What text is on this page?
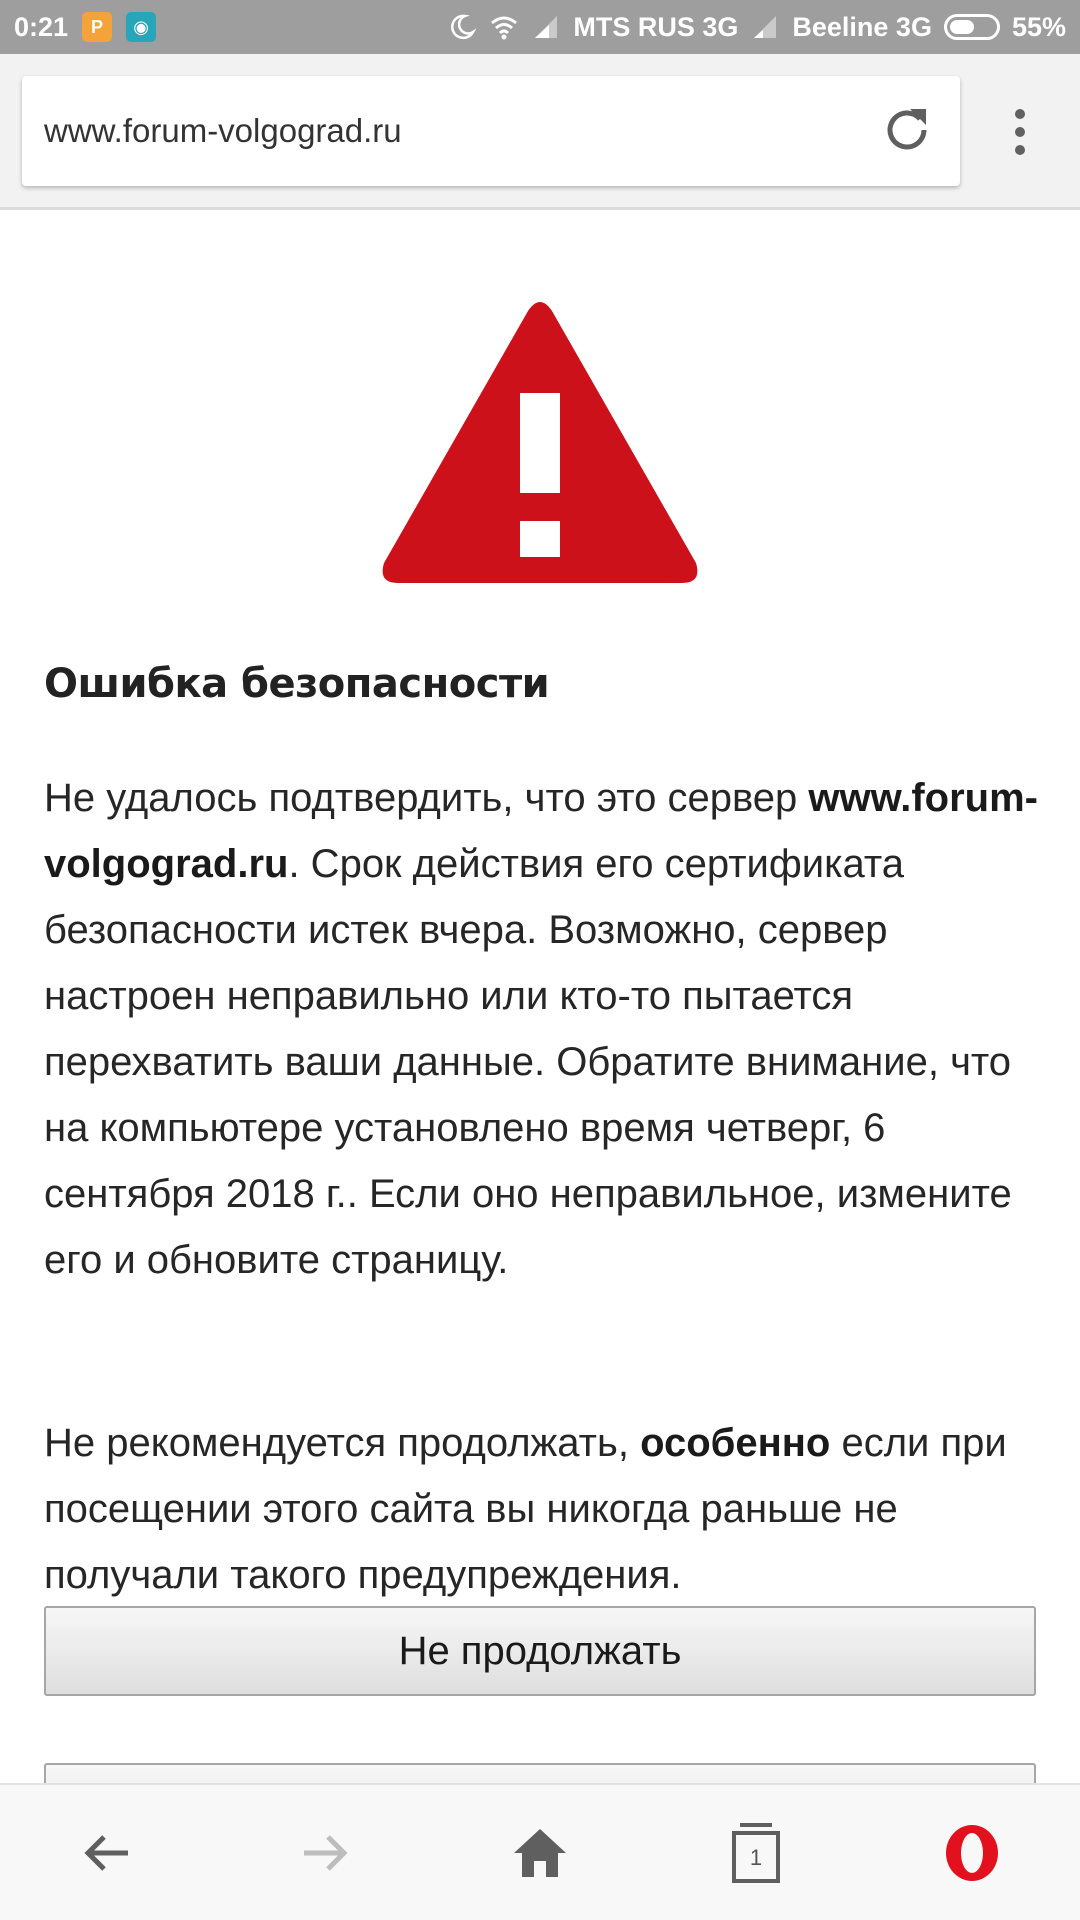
0:21	P	◉	MTS RUS 3G Beeline 3G	55%
www.forum-volgograd.ru
Ошибка безопасности
Не удалось подтвердить, что это сервер www.forum-volgograd.ru. Срок действия его сертификата безопасности истек вчера. Возможно, сервер настроен неправильно или кто-то пытается перехватить ваши данные. Обратите внимание, что на компьютере установлено время четверг, 6 сентября 2018 г.. Если оно неправильное, измените его и обновите страницу.
Не рекомендуется продолжать, особенно если при посещении этого сайта вы никогда раньше не получали такого предупреждения.
Не продолжать
1
